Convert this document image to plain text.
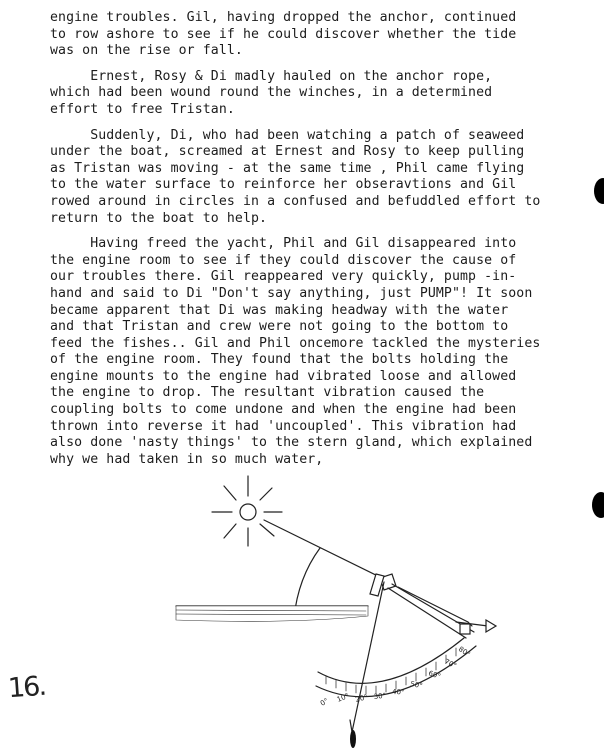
engine troubles. Gil, having dropped the anchor, continued
to row ashore to see if he could discover whether the tide
was on the rise or fall.

Ernest, Rosy & Di madly hauled on the anchor rope,
which had been wound round the winches, in a determined
effort to free Tristan.

Suddenly, Di, who had been watching a patch of seaweed
under the boat, screamed at Ernest and Rosy to keep pulling
as Tristan was moving - at the same time , Phil came flying
to the water surface to reinforce her obseravtions and Gil
rowed around in circles in a confused and befuddled effort to
return to the boat to help.

Having freed the yacht, Phil and Gil disappeared into
the engine room to see if they could discover the cause of
our troubles there. Gil reappeared very quickly, pump -in-
hand and said to Di "Don't say anything, just PUMP"! It soon
became apparent that Di was making headway with the water
and that Tristan and crew were not going to the bottom to
feed the fishes.. Gil and Phil oncemore tackled the mysteries
of the engine room. They found that the bolts holding the
engine mounts to the engine had vibrated loose and allowed
the engine to drop. The resultant vibration caused the
coupling bolts to come undone and when the engine had been
thrown into reverse it had 'uncoupled'. This vibration had
also done 'nasty things' to the stern gland, which explained
why we had taken in so much water,

0° 10° 20° 30° 40°
50°
60°
70°
80°
16.
